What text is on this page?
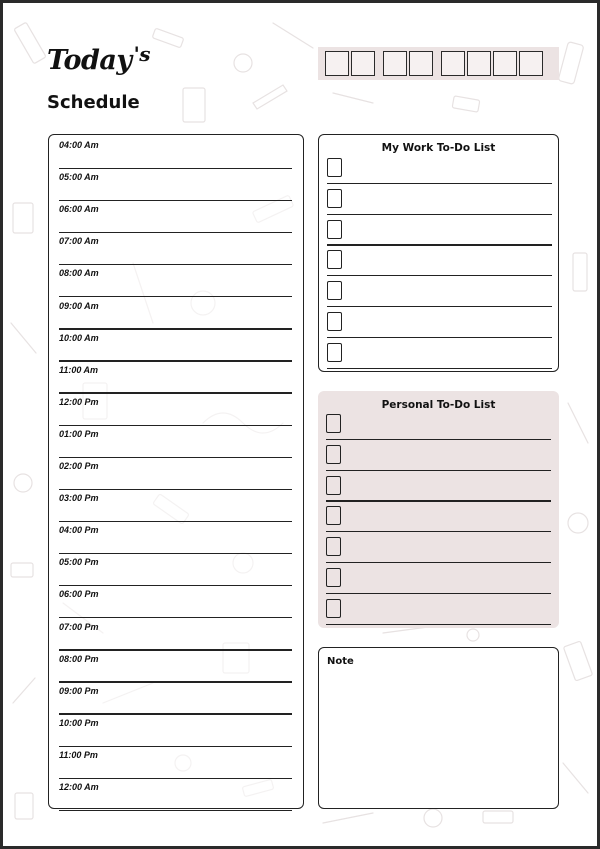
Today $^{'s}$
Schedule
04:00 Am
05:00 Am
06:00 Am
07:00 Am
08:00 Am
09:00 Am
10:00 Am
11:00 Am
12:00 Pm
01:00 Pm
02:00 Pm
03:00 Pm
04:00 Pm
05:00 Pm
06:00 Pm
07:00 Pm
08:00 Pm
09:00 Pm
10:00 Pm
11:00 Pm
12:00 Am
My Work To-Do List
Personal To-Do List
Note
